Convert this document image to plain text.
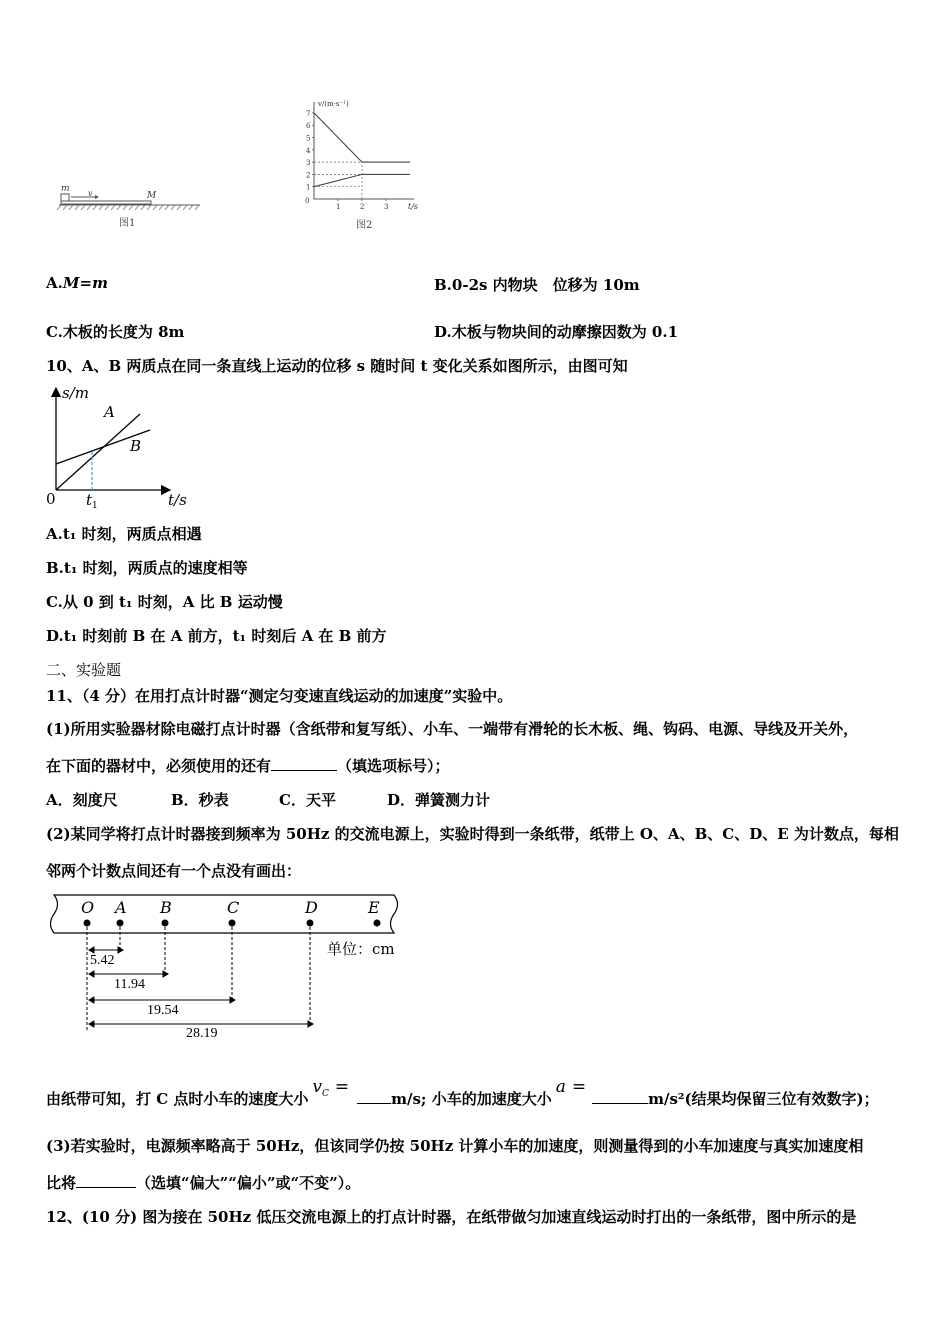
m v	M
图1
1
2
3
4
5
6
7
1	2	3
v/(m·s⁻¹)
t/s
0
图2
A.M=m	B.0-2s 内物块　位移为 10m
C.木板的长度为 8m	D.木板与物块间的动摩擦因数为 0.1
10、A、B 两质点在同一条直线上运动的位移 s 随时间 t 变化关系如图所示，由图可知
s/m
A
B
0 $t_1$	t/s
A.t₁ 时刻，两质点相遇
B.t₁ 时刻，两质点的速度相等
C.从 0 到 t₁ 时刻，A 比 B 运动慢
D.t₁ 时刻前 B 在 A 前方，t₁ 时刻后 A 在 B 前方
二、实验题
11、（4 分）在用打点计时器“测定匀变速直线运动的加速度”实验中。
(1)所用实验器材除电磁打点计时器（含纸带和复写纸）、小车、一端带有滑轮的长木板、绳、钩码、电源、导线及开关外，
在下面的器材中，必须使用的还有	（填选项标号）；
A．刻度尺	B．秒表	C．天平	D．弹簧测力计
(2)某同学将打点计时器接到频率为 50Hz 的交流电源上，实验时得到一条纸带，纸带上 O、A、B、C、D、E 为计数点，每相
邻两个计数点间还有一个点没有画出：
O A B	C	D	E
单位：cm
5.42
11.94
19.54
28.19
由纸带可知，打 C 点时小车的速度大小$v^C =m/s$; 小车的加速度大小a =m/s²(结果均保留三位有效数字)；
(3)若实验时，电源频率略高于 50Hz，但该同学仍按 50Hz 计算小车的加速度，则测量得到的小车加速度与真实加速度相
比将	（选填“偏大”“偏小”或“不变”）。
12、(10 分) 图为接在 50Hz 低压交流电源上的打点计时器，在纸带做匀加速直线运动时打出的一条纸带，图中所示的是
